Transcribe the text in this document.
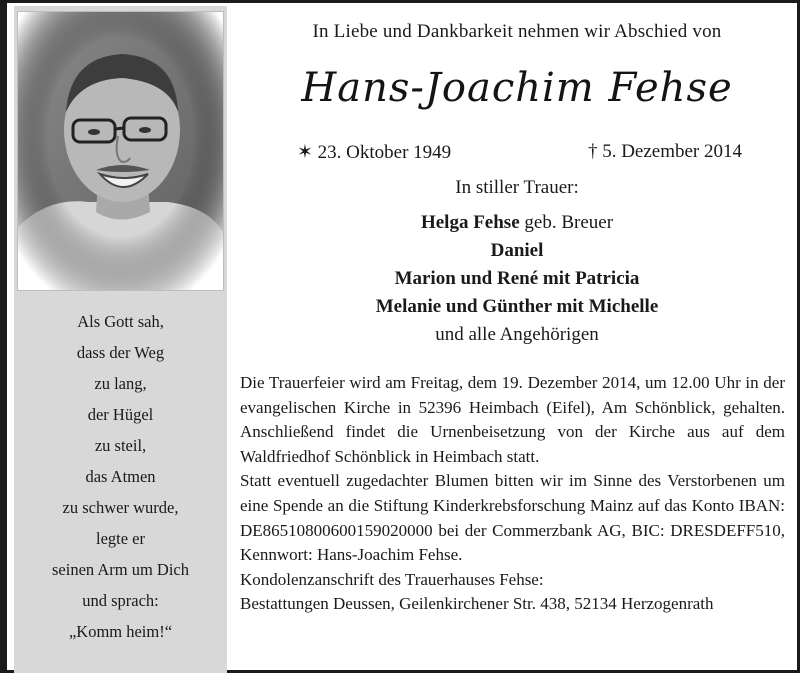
Als Gott sah,
dass der Weg
zu lang,
der Hügel
zu steil,
das Atmen
zu schwer wurde,
legte er
seinen Arm um Dich
und sprach:
„Komm heim!“
In Liebe und Dankbarkeit nehmen wir Abschied von
Hans-Joachim Fehse
✶ 23. Oktober 1949	† 5. Dezember 2014
In stiller Trauer:
Helga Fehse geb. Breuer
Daniel
Marion und René mit Patricia
Melanie und Günther mit Michelle
und alle Angehörigen

Die Trauerfeier wird am Freitag, dem 19. Dezember 2014, um 12.00 Uhr in der evangelischen Kirche in 52396 Heimbach (Eifel), Am Schönblick, gehalten. Anschließend findet die Urnenbeisetzung von der Kirche aus auf dem Waldfriedhof Schönblick in Heimbach statt.

Statt eventuell zugedachter Blumen bitten wir im Sinne des Verstorbenen um eine Spende an die Stiftung Kinderkrebsforschung Mainz auf das Konto IBAN: DE86510800600159020000 bei der Commerzbank AG, BIC: DRESDEFF510, Kennwort: Hans-Joachim Fehse.

Kondolenzanschrift des Trauerhauses Fehse:

Bestattungen Deussen, Geilenkirchener Str. 438, 52134 Herzogenrath
